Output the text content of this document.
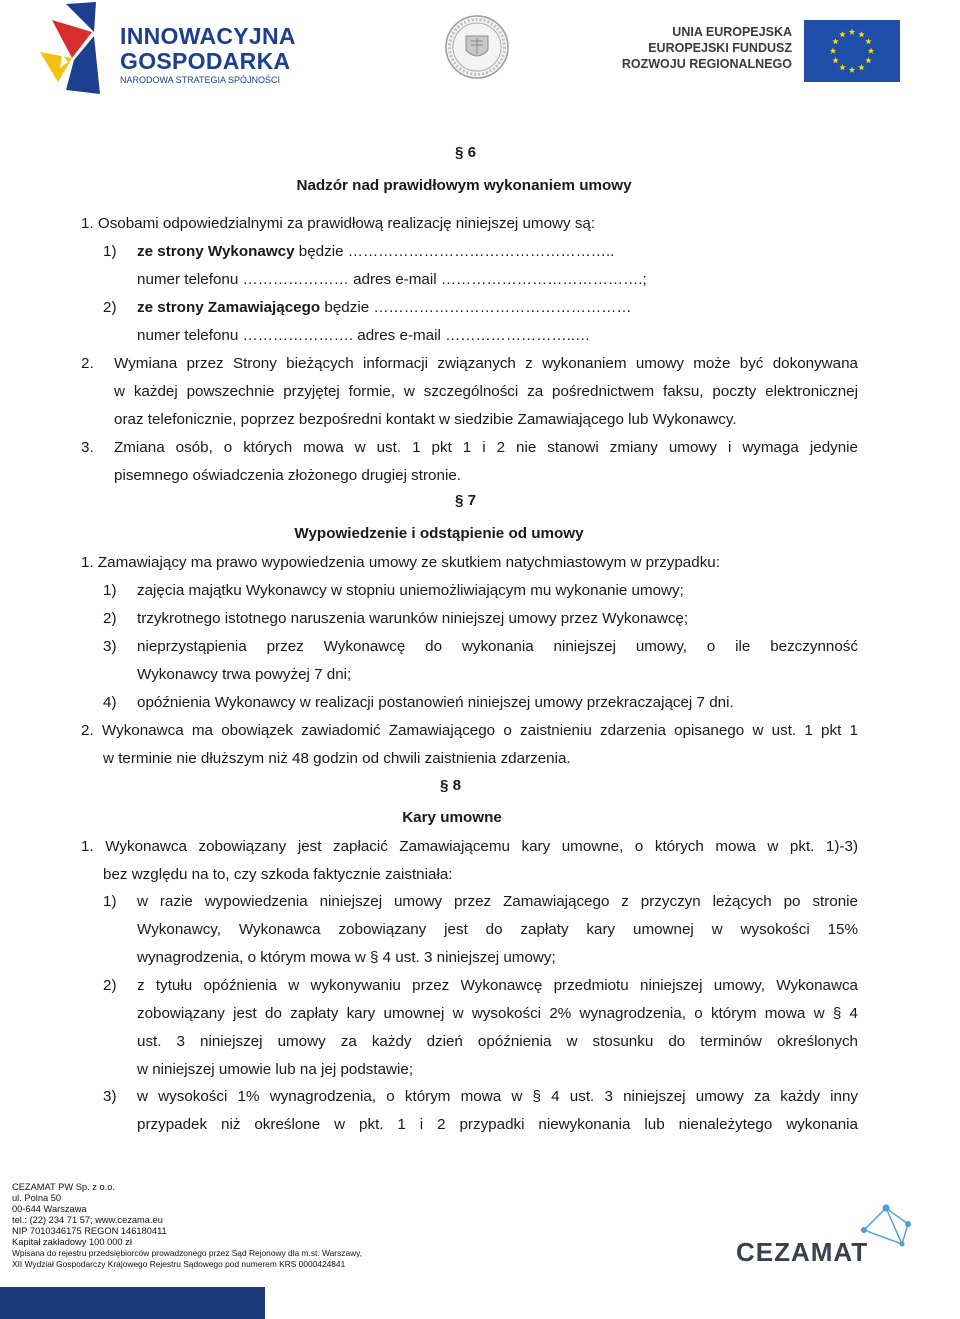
INNOWACYJNA
GOSPODARKA
NARODOWA STRATEGIA SPÓJNOŚCI
UNIA EUROPEJSKA
EUROPEJSKI FUNDUSZ
ROZWOJU REGIONALNEGO
§ 6
Nadzór nad prawidłowym wykonaniem umowy
1. Osobami odpowiedzialnymi za prawidłową realizację niniejszej umowy są:
1) ze strony Wykonawcy będzie ……………………………………………..
numer telefonu ………………… adres e-mail ………………………………….;
2) ze strony Zamawiającego będzie ……………………………………………
numer telefonu …………………. adres e-mail ……………………..…
2. Wymiana przez Strony bieżących informacji związanych z wykonaniem umowy może być dokonywana
w każdej powszechnie przyjętej formie, w szczególności za pośrednictwem faksu, poczty elektronicznej
oraz telefonicznie, poprzez bezpośredni kontakt w siedzibie Zamawiającego lub Wykonawcy.
3. Zmiana osób, o których mowa w ust. 1 pkt 1 i 2 nie stanowi zmiany umowy i wymaga jedynie
pisemnego oświadczenia złożonego drugiej stronie.
§ 7
Wypowiedzenie i odstąpienie od umowy
1. Zamawiający ma prawo wypowiedzenia umowy ze skutkiem natychmiastowym w przypadku:
1) zajęcia majątku Wykonawcy w stopniu uniemożliwiającym mu wykonanie umowy;
2) trzykrotnego istotnego naruszenia warunków niniejszej umowy przez Wykonawcę;
3) nieprzystąpienia przez Wykonawcę do wykonania niniejszej umowy, o ile bezczynność
Wykonawcy trwa powyżej 7 dni;
4) opóźnienia Wykonawcy w realizacji postanowień niniejszej umowy przekraczającej 7 dni.
2. Wykonawca ma obowiązek zawiadomić Zamawiającego o zaistnieniu zdarzenia opisanego w ust. 1 pkt 1
w terminie nie dłuższym niż 48 godzin od chwili zaistnienia zdarzenia.
§ 8
Kary umowne
1. Wykonawca zobowiązany jest zapłacić Zamawiającemu kary umowne, o których mowa w pkt. 1)-3)
bez względu na to, czy szkoda faktycznie zaistniała:
1) w razie wypowiedzenia niniejszej umowy przez Zamawiającego z przyczyn leżących po stronie
Wykonawcy, Wykonawca zobowiązany jest do zapłaty kary umownej w wysokości 15%
wynagrodzenia, o którym mowa w § 4 ust. 3 niniejszej umowy;
2) z tytułu opóźnienia w wykonywaniu przez Wykonawcę przedmiotu niniejszej umowy, Wykonawca
zobowiązany jest do zapłaty kary umownej w wysokości 2% wynagrodzenia, o którym mowa w § 4
ust. 3 niniejszej umowy za każdy dzień opóźnienia w stosunku do terminów określonych
w niniejszej umowie lub na jej podstawie;
3) w wysokości 1% wynagrodzenia, o którym mowa w § 4 ust. 3 niniejszej umowy za każdy inny
przypadek niż określone w pkt. 1 i 2 przypadki niewykonania lub nienależytego wykonania
CEZAMAT PW Sp. z o.o.
ul. Polna 50
00-644 Warszawa
tel.: (22) 234 71 57; www.cezama.eu
NIP 7010346175 REGON 146180411
Kapitał zakładowy 100 000 zł
Wpisana do rejestru przedsiębiorców prowadzonego przez Sąd Rejonowy dla m.st. Warszawy,
XII Wydział Gospodarczy Krajowego Rejestru Sądowego pod numerem KRS 0000424841	CEZAMAT
